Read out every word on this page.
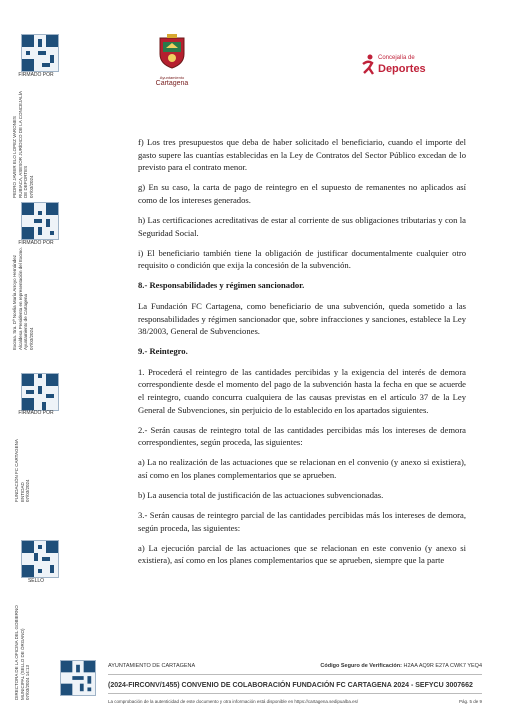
FIRMADO POR
PEDRO JAVIER ELO LOPEZ VARONES RUBIACA, ASESOR JURÍDICO DE LA CONCEJALÍA DE DEPORTES 07/03/2024
FIRMADO POR
Excma. Sra. Dª Noelia María Arroyo Hernández Alcaldesa Presidenta en representación del Excmo. Ayuntamiento de Cartagena 07/03/2024
FIRMADO POR
FUNDACIÓN FC CARTAGENA ENTIDAD 07/03/2024
SELLO
DIRECTORA DE LA OFICINA DEL GOBIERNO MUNICIPAL (SELLO DE ÓRGANO) 07/03/2024 14:13
Ayuntamiento
Cartagena
Concejalía de
Deportes

f) Los tres presupuestos que deba de haber solicitado el beneficiario, cuando el importe del gasto supere las cuantías establecidas en la Ley de Contratos del Sector Público excedan de lo previsto para el contrato menor.

g) En su caso, la carta de pago de reintegro en el supuesto de remanentes no aplicados así como de los intereses generados.

h) Las certificaciones acreditativas de estar al corriente de sus obligaciones tributarias y con la Seguridad Social.

i) El beneficiario también tiene la obligación de justificar documentalmente cualquier otro requisito o condición que exija la concesión de la subvención.

8.- Responsabilidades y régimen sancionador.

La Fundación FC Cartagena, como beneficiario de una subvención, queda sometido a las responsabilidades y régimen sancionador que, sobre infracciones y sanciones, establece la Ley 38/2003, General de Subvenciones.

9.- Reintegro.

1. Procederá el reintegro de las cantidades percibidas y la exigencia del interés de demora correspondiente desde el momento del pago de la subvención hasta la fecha en que se acuerde el reintegro, cuando concurra cualquiera de las causas previstas en el artículo 37 de la Ley General de Subvenciones, sin perjuicio de lo establecido en los apartados siguientes.

2.- Serán causas de reintegro total de las cantidades percibidas más los intereses de demora correspondientes, según proceda, las siguientes:

a) La no realización de las actuaciones que se relacionan en el convenio (y anexo si existiera), así como en los planes complementarios que se aprueben.

b) La ausencia total de justificación de las actuaciones subvencionadas.

3.- Serán causas de reintegro parcial de las cantidades percibidas más los intereses de demora, según proceda, las siguientes:

a) La ejecución parcial de las actuaciones que se relacionan en este convenio (y anexo si existiera), así como en los planes complementarios que se aprueben, siempre que la parte

AYUNTAMIENTO DE CARTAGENA	Código Seguro de Verificación: H2AA AQ9R E27A CWK7 YEQ4
(2024-FIRCONV/1455) CONVENIO DE COLABORACIÓN FUNDACIÓN FC CARTAGENA 2024 - SEFYCU 3007662
La comprobación de la autenticidad de este documento y otra información está disponible en https://cartagena.sedipualba.es/	Pág. 5 de 9
